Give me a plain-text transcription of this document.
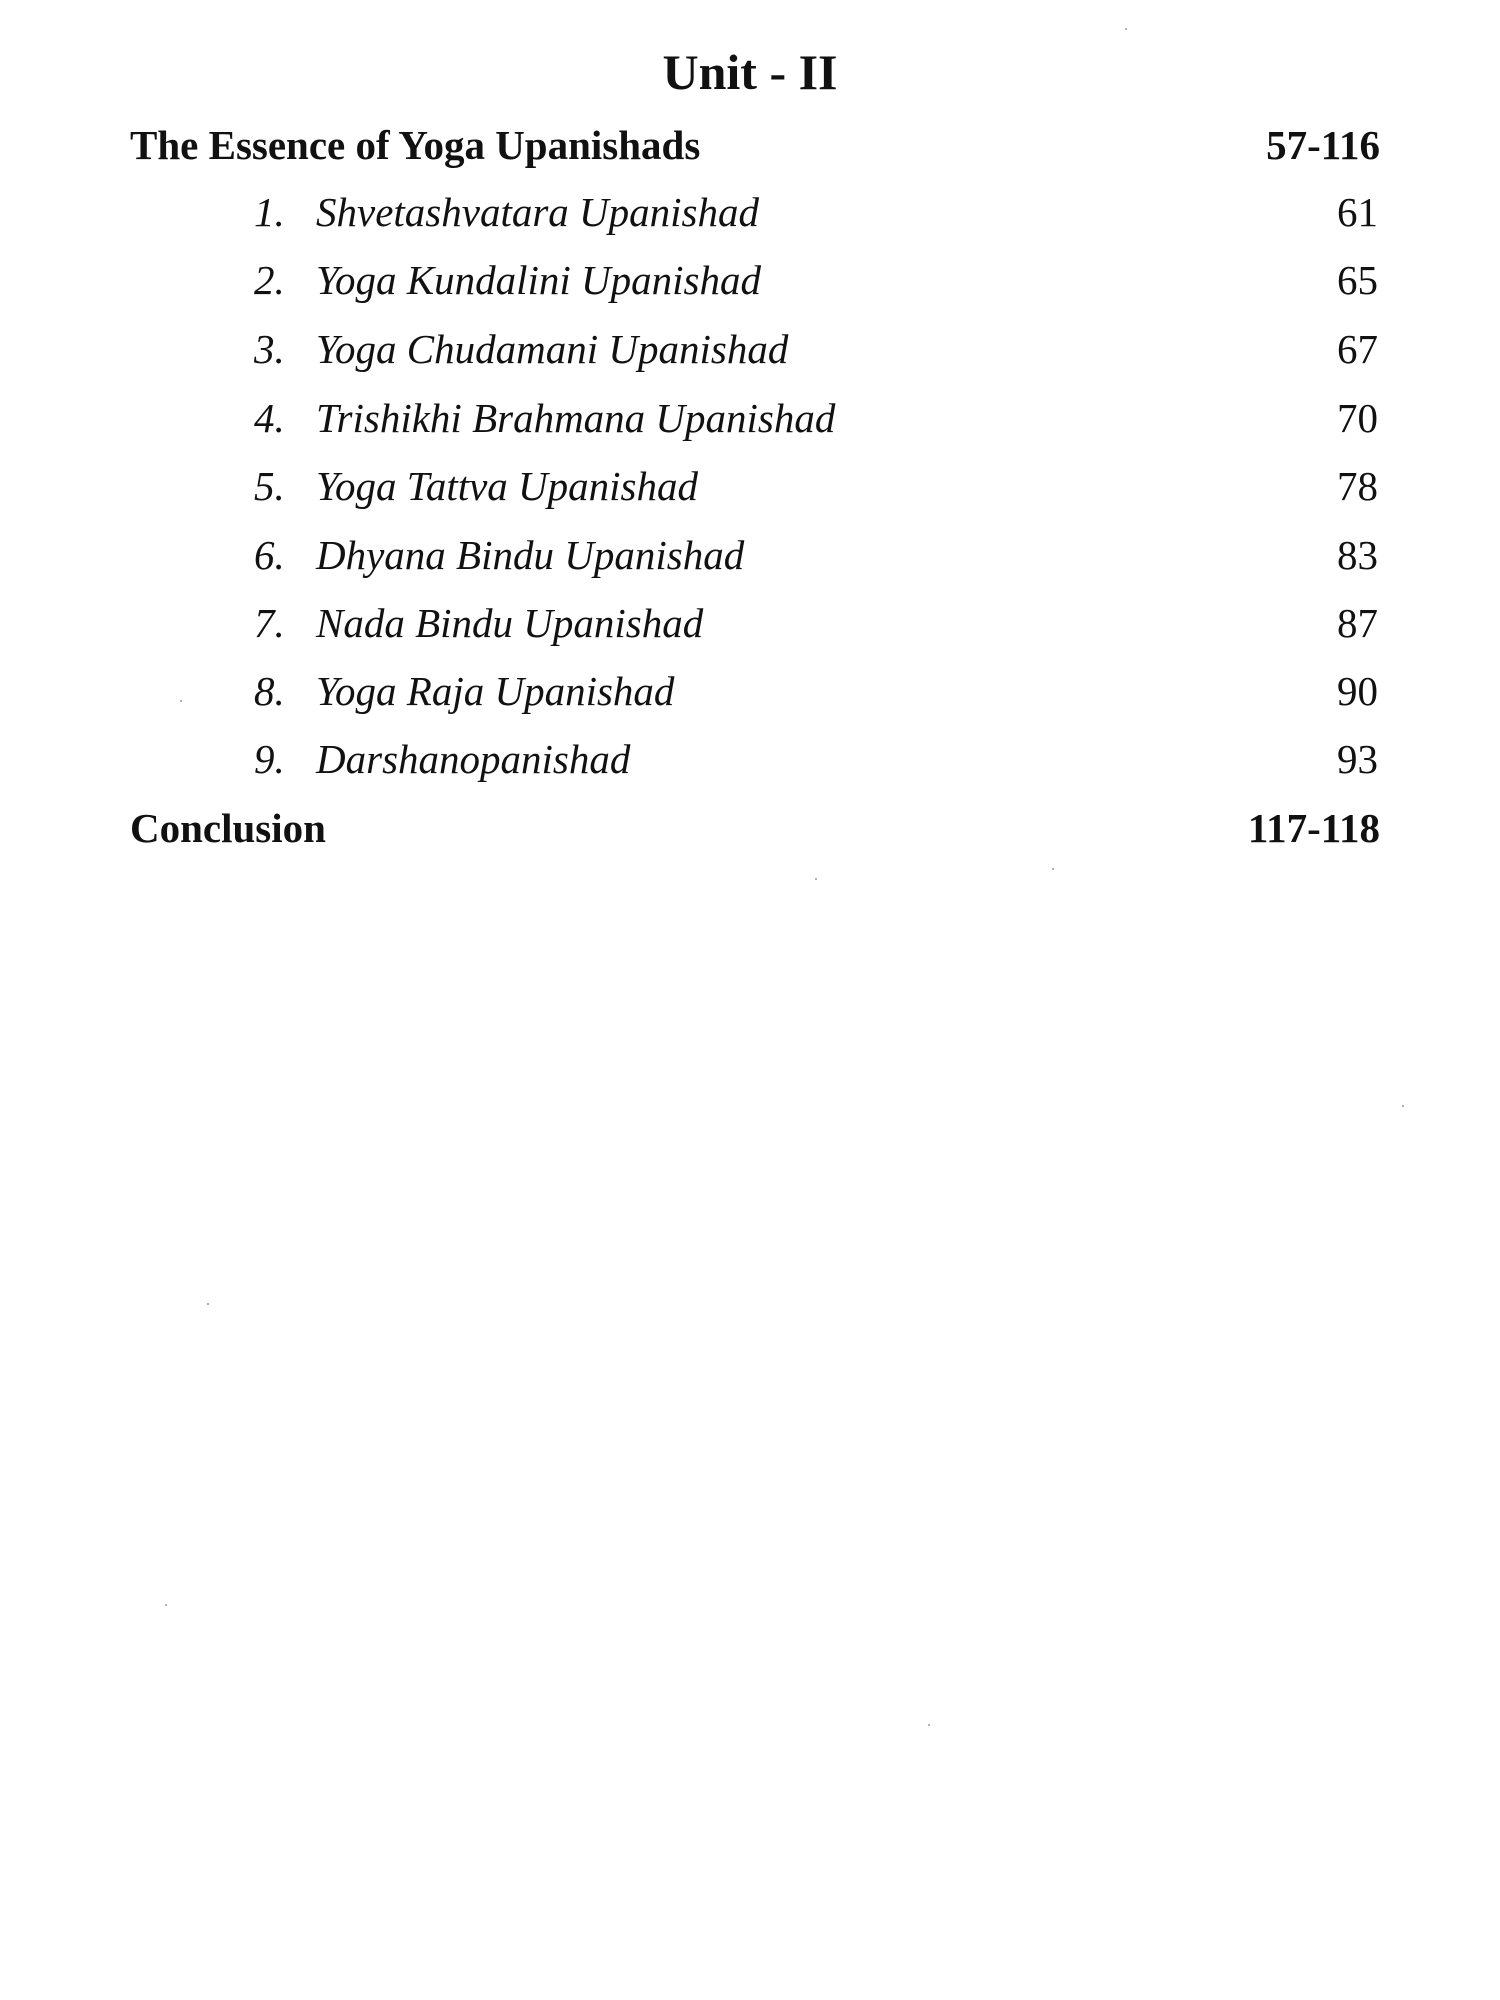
Unit - II
The Essence of Yoga Upanishads	57-116
1. Shvetashvatara Upanishad	61
2. Yoga Kundalini Upanishad	65
3. Yoga Chudamani Upanishad	67
4. Trishikhi Brahmana Upanishad	70
5. Yoga Tattva Upanishad	78
6. Dhyana Bindu Upanishad	83
7. Nada Bindu Upanishad	87
8. Yoga Raja Upanishad	90
9. Darshanopanishad	93
Conclusion	117-118
